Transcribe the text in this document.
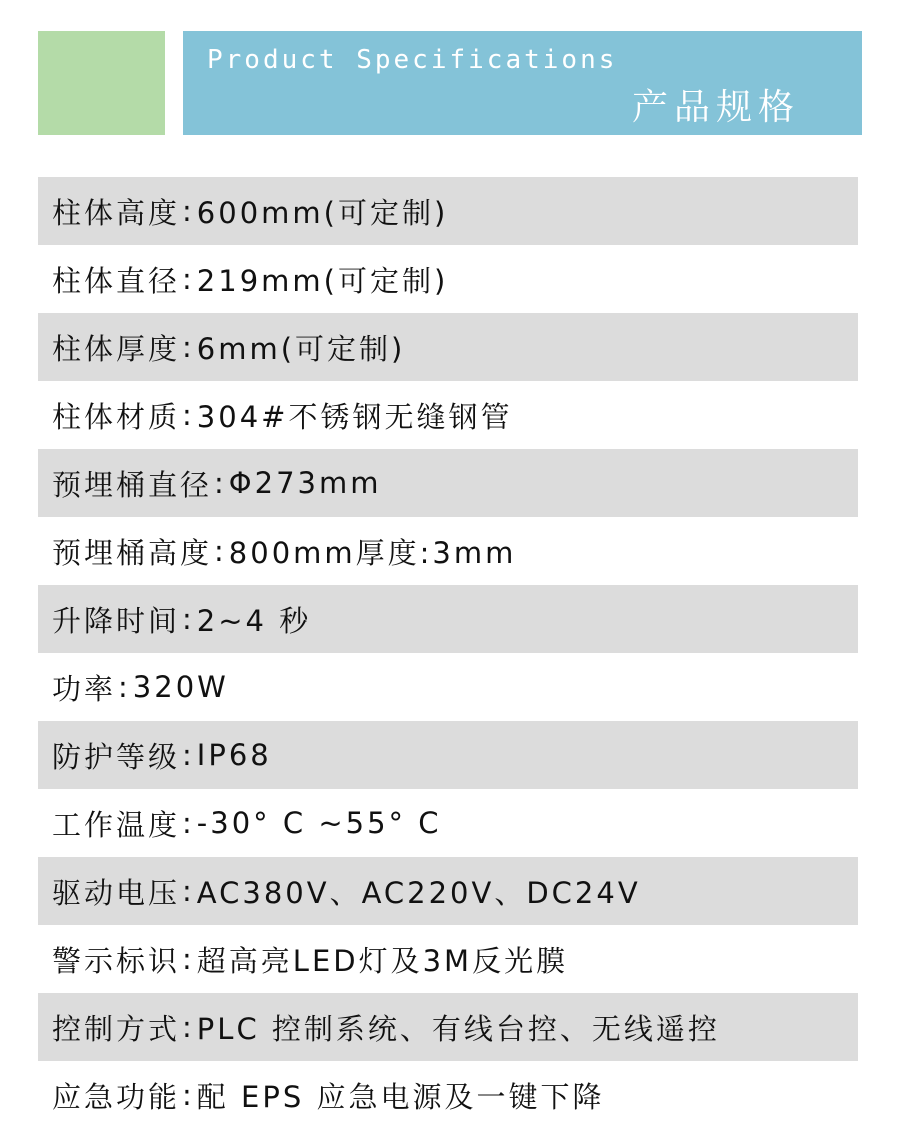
Product Specifications
产品规格
柱体高度 : 600mm(可定制)
柱体直径 : 219mm(可定制)
柱体厚度 : 6mm(可定制)
柱体材质 : 304#不锈钢无缝钢管
预埋桶直径 : Φ273mm
预埋桶高度 : 800mm厚度:3mm
升降时间 : 2~4 秒
功率 : 320W
防护等级 : IP68
工作温度 : -30° C ~55° C
驱动电压 : AC380V、AC220V、DC24V
警示标识 : 超高亮LED灯及3M反光膜
控制方式 : PLC 控制系统、有线台控、无线遥控
应急功能 : 配 EPS 应急电源及一键下降
